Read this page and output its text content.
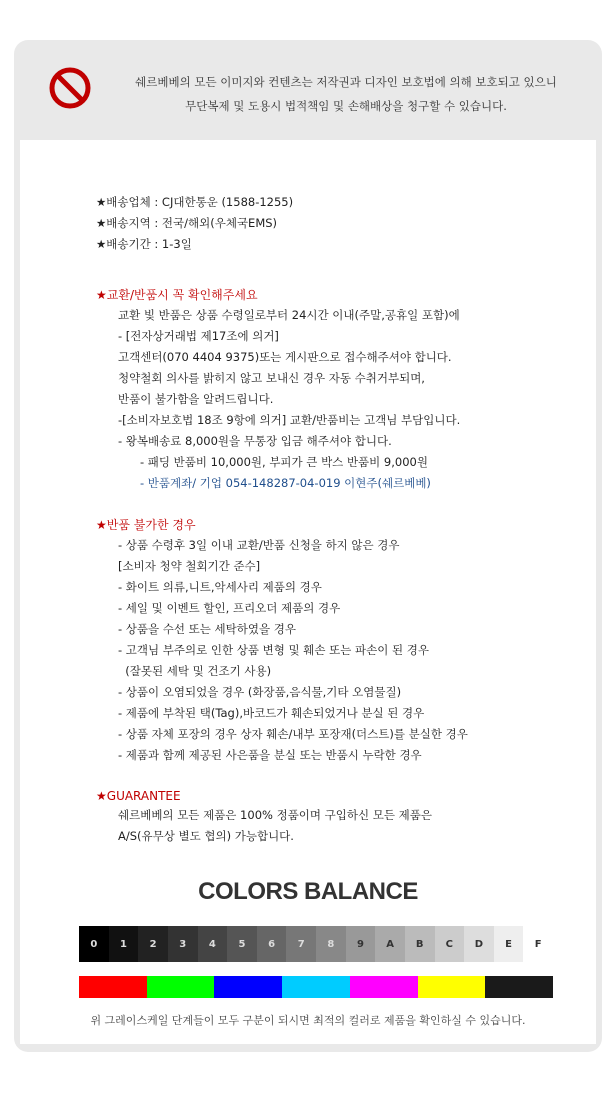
쉐르베베의 모든 이미지와 컨텐츠는 저작권과 디자인 보호법에 의해 보호되고 있으니
무단복제 및 도용시 법적책임 및 손해배상을 청구할 수 있습니다.
★배송업체 : CJ대한통운 (1588-1255)
★배송지역 : 전국/해외(우체국EMS)
★배송기간 : 1-3일
★교환/반품시 꼭 확인해주세요
교환 빛 반품은 상품 수령일로부터 24시간 이내(주말,공휴일 포함)에
- [전자상거래법 제17조에 의거]
고객센터(070 4404 9375)또는 게시판으로 접수해주셔야 합니다.
청약철회 의사를 밝히지 않고 보내신 경우 자동 수취거부되며,
반품이 불가함을 알려드립니다.
-[소비자보호법 18조 9항에 의거] 교환/반품비는 고객님 부담입니다.
- 왕복배송료 8,000원을 무통장 입금 해주셔야 합니다.
- 패딩 반품비 10,000원, 부피가 큰 박스 반품비 9,000원
- 반품계좌/ 기업 054-148287-04-019 이현주(쉐르베베)
★반품 불가한 경우
- 상품 수령후 3일 이내 교환/반품 신청을 하지 않은 경우
[소비자 청약 철회기간 준수]
- 화이트 의류,니트,악세사리 제품의 경우
- 세일 및 이벤트 할인, 프리오더 제품의 경우
- 상품을 수선 또는 세탁하였을 경우
- 고객님 부주의로 인한 상품 변형 및 훼손 또는 파손이 된 경우
(잘못된 세탁 및 건조기 사용)
- 상품이 오염되었을 경우 (화장품,음식물,기타 오염물질)
- 제품에 부착된 택(Tag),바코드가 훼손되었거나 분실 된 경우
- 상품 자체 포장의 경우 상자 훼손/내부 포장재(더스트)를 분실한 경우
- 제품과 함께 제공된 사은품을 분실 또는 반품시 누락한 경우
★GUARANTEE
쉐르베베의 모든 제품은 100% 정품이며 구입하신 모든 제품은
A/S(유무상 별도 협의) 가능합니다.
COLORS BALANCE
0	1	2	3	4	5	6	7	8	9	A	B	C	D	E	F
위 그레이스케일 단계들이 모두 구분이 되시면 최적의 컬러로 제품을 확인하실 수 있습니다.
